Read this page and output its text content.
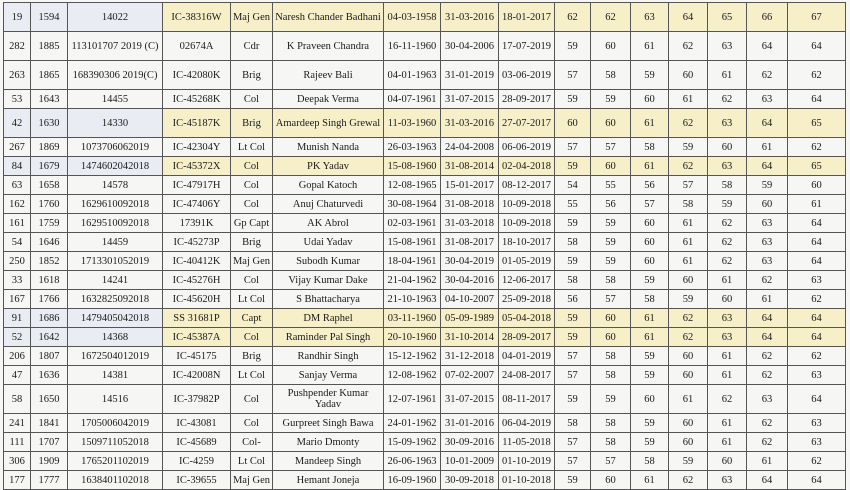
19	1594	14022	IC-38316W	Maj Gen	Naresh Chander Badhani	04-03-1958	31-03-2016	18-01-2017	62	62	63	64	65	66	67
282	1885	113101707 2019 (C)	02674A	Cdr	K Praveen Chandra	16-11-1960	30-04-2006	17-07-2019	59	60	61	62	63	64	64
263	1865	168390306 2019(C)	IC-42080K	Brig	Rajeev Bali	04-01-1963	31-01-2019	03-06-2019	57	58	59	60	61	62	62
53	1643	14455	IC-45268K	Col	Deepak Verma	04-07-1961	31-07-2015	28-09-2017	59	59	60	61	62	63	64
42	1630	14330	IC-45187K	Brig	Amardeep Singh Grewal	11-03-1960	31-03-2016	27-07-2017	60	60	61	62	63	64	65
267	1869	1073706062019	IC-42304Y	Lt Col	Munish Nanda	26-03-1963	24-04-2008	06-06-2019	57	57	58	59	60	61	62
84	1679	1474602042018	IC-45372X	Col	PK Yadav	15-08-1960	31-08-2014	02-04-2018	59	60	61	62	63	64	65
63	1658	14578	IC-47917H	Col	Gopal Katoch	12-08-1965	15-01-2017	08-12-2017	54	55	56	57	58	59	60
162	1760	1629610092018	IC-47406Y	Col	Anuj Chaturvedi	30-08-1964	31-08-2018	10-09-2018	55	56	57	58	59	60	61
161	1759	1629510092018	17391K	Gp Capt	AK Abrol	02-03-1961	31-03-2018	10-09-2018	59	59	60	61	62	63	64
54	1646	14459	IC-45273P	Brig	Udai Yadav	15-08-1961	31-08-2017	18-10-2017	58	59	60	61	62	63	64
250	1852	1713301052019	IC-40412K	Maj Gen	Subodh Kumar	18-04-1961	30-04-2019	01-05-2019	59	59	60	61	62	63	64
33	1618	14241	IC-45276H	Col	Vijay Kumar Dake	21-04-1962	30-04-2016	12-06-2017	58	58	59	60	61	62	63
167	1766	1632825092018	IC-45620H	Lt Col	S Bhattacharya	21-10-1963	04-10-2007	25-09-2018	56	57	58	59	60	61	62
91	1686	1479405042018	SS 31681P	Capt	DM Raphel	03-11-1960	05-09-1989	05-04-2018	59	60	61	62	63	64	64
52	1642	14368	IC-45387A	Col	Raminder Pal Singh	20-10-1960	31-10-2014	28-09-2017	59	60	61	62	63	64	64
206	1807	1672504012019	IC-45175	Brig	Randhir Singh	15-12-1962	31-12-2018	04-01-2019	57	58	59	60	61	62	62
47	1636	14381	IC-42008N	Lt Col	Sanjay Verma	12-08-1962	07-02-2007	24-08-2017	57	58	59	60	61	62	63
58	1650	14516	IC-37982P	Col	Pushpender Kumar Yadav	12-07-1961	31-07-2015	08-11-2017	59	59	60	61	62	63	64
241	1841	1705006042019	IC-43081	Col	Gurpreet Singh Bawa	24-01-1962	31-01-2016	06-04-2019	58	58	59	60	61	62	63
111	1707	1509711052018	IC-45689	Col-	Mario Dmonty	15-09-1962	30-09-2016	11-05-2018	57	58	59	60	61	62	63
306	1909	1765201102019	IC-4259	Lt Col	Mandeep Singh	26-06-1963	10-01-2009	01-10-2019	57	57	58	59	60	61	62
177	1777	1638401102018	IC-39655	Maj Gen	Hemant Joneja	16-09-1960	30-09-2018	01-10-2018	59	60	61	62	63	64	64
